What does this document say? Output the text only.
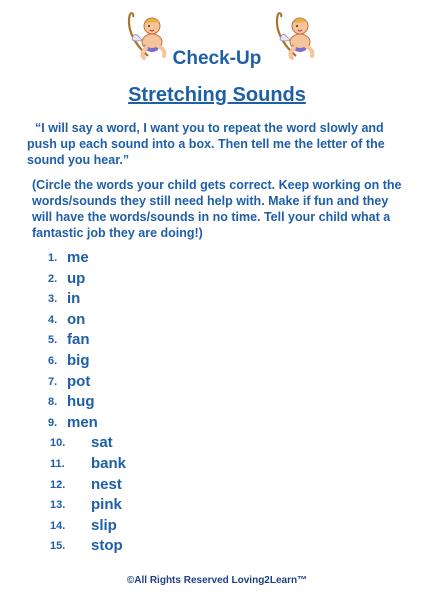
Check-Up
Stretching Sounds
“I will say a word, I want you to repeat the word slowly and push up each sound into a box. Then tell me the letter of the sound you hear.”
(Circle the words your child gets correct. Keep working on the words/sounds they still need help with. Make if fun and they will have the words/sounds in no time. Tell your child what a fantastic job they are doing!)
1. me
2. up
3. in
4. on
5. fan
6. big
7. pot
8. hug
9. men
10. sat
11. bank
12. nest
13. pink
14. slip
15. stop
©All Rights Reserved Loving2Learn™
